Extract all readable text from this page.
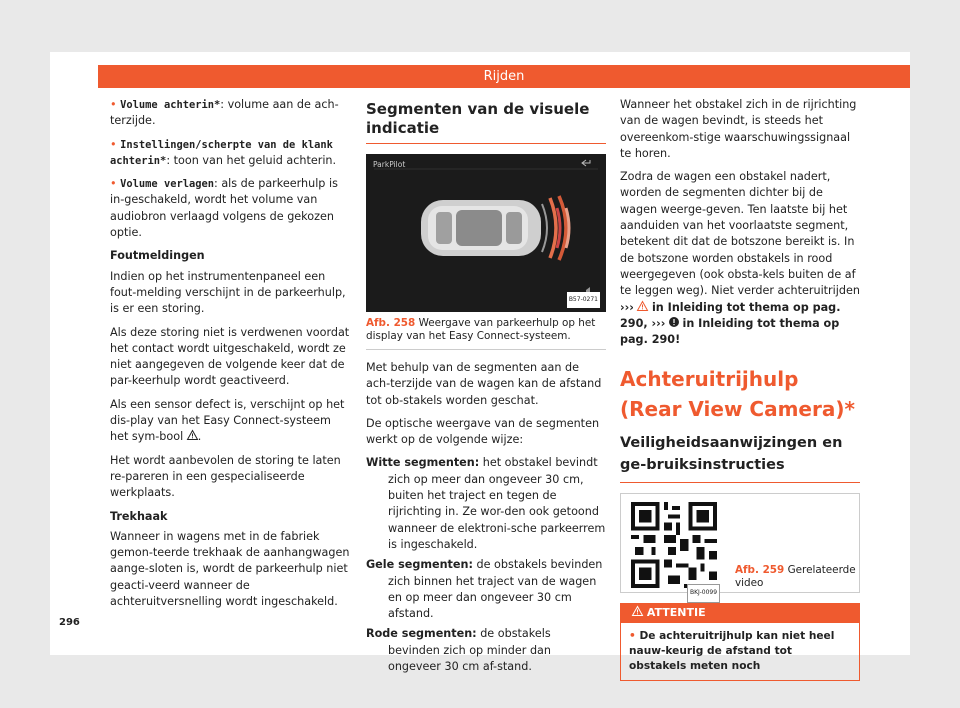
Rijden

• Volume achterin*: volume aan de ach-terzijde.

• Instellingen/scherpte van de klank achterin*: toon van het geluid achterin.

• Volume verlagen: als de parkeerhulp is in-geschakeld, wordt het volume van audiobron verlaagd volgens de gekozen optie.

Foutmeldingen

Indien op het instrumentenpaneel een fout-melding verschijnt in de parkeerhulp, is er een storing.

Als deze storing niet is verdwenen voordat het contact wordt uitgeschakeld, wordt ze niet aangegeven de volgende keer dat de par-keerhulp wordt geactiveerd.

Als een sensor defect is, verschijnt op het dis-play van het Easy Connect-systeem het sym-bool .

Het wordt aanbevolen de storing te laten re-pareren in een gespecialiseerde werkplaats.

Trekhaak

Wanneer in wagens met in de fabriek gemon-teerde trekhaak de aanhangwagen aange-sloten is, wordt de parkeerhulp niet geacti-veerd wanneer de achteruitversnelling wordt ingeschakeld.

Segmenten van de visuele indicatie
ParkPilot
B57-0271
Afb. 258 Weergave van parkeerhulp op het display van het Easy Connect-systeem.

Met behulp van de segmenten aan de ach-terzijde van de wagen kan de afstand tot ob-stakels worden geschat.

De optische weergave van de segmenten werkt op de volgende wijze:

Witte segmenten: het obstakel bevindt zich op meer dan ongeveer 30 cm, buiten het traject en tegen de rijrichting in. Ze wor-den ook getoond wanneer de elektroni-sche parkeerrem is ingeschakeld.
Gele segmenten: de obstakels bevinden zich binnen het traject van de wagen en op meer dan ongeveer 30 cm afstand.
Rode segmenten: de obstakels bevinden zich op minder dan ongeveer 30 cm af-stand.

Wanneer het obstakel zich in de rijrichting van de wagen bevindt, is steeds het overeenkom-stige waarschuwingssignaal te horen.

Zodra de wagen een obstakel nadert, worden de segmenten dichter bij de wagen weerge-geven. Ten laatste bij het aanduiden van het voorlaatste segment, betekent dit dat de botszone bereikt is. In de botszone worden obstakels in rood weergegeven (ook obsta-kels buiten de af te leggen weg). Niet verder achteruitrijden ››› in Inleiding tot thema op pag. 290, ››› in Inleiding tot thema op pag. 290!

Achteruitrijhulp (Rear View Camera)*
Veiligheidsaanwijzingen en ge-bruiksinstructies
BKJ-0099
Afb. 259 Gerelateerde video
ATTENTIE
• De achteruitrijhulp kan niet heel nauw-keurig de afstand tot obstakels meten noch
296
